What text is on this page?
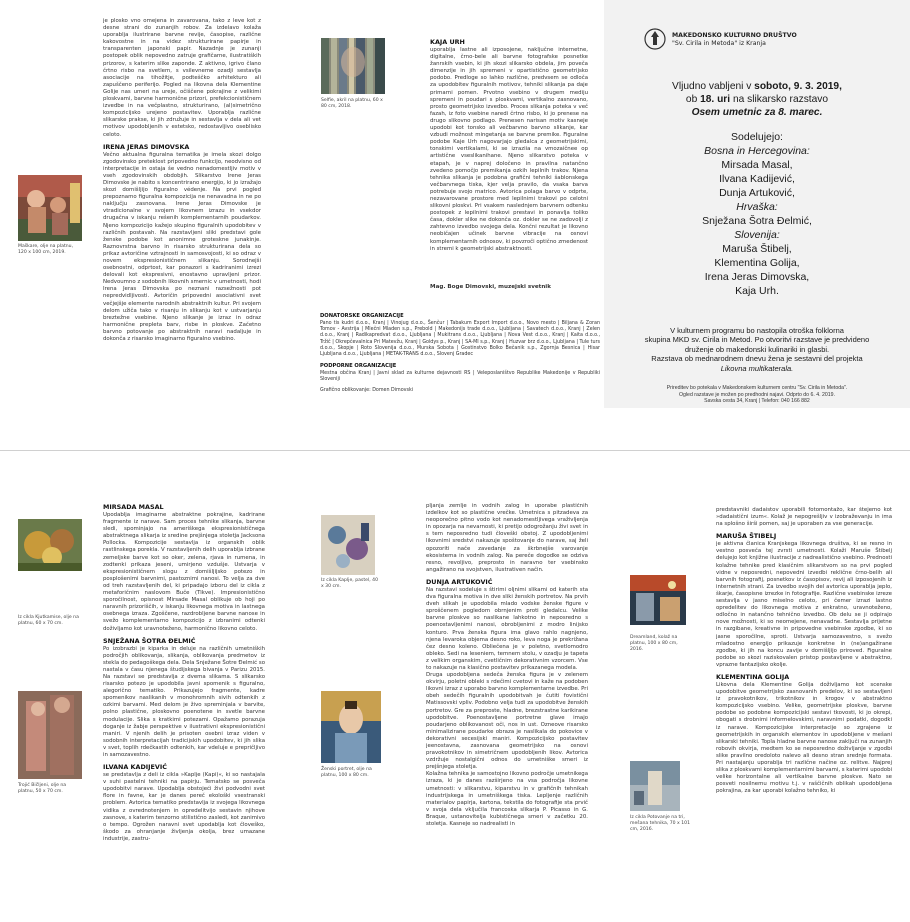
je plosko vno omejena in zavarovana, tako z leve kot z desne strani do zunanjih robov. Za izdelavo kolaža uporablja ilustrirane barvne revije, časopise, različne kakovostne in na videz strukturirane papirje in transparenten japonski papir. Nazadnje je zunanji postopek oblik nepovedno zatruje grafičarne, ilustratiških prizorov, s katerim slike zaponde. Z aktivno, igrivo člano črtno risbo na svetlem, s vsilevneme ozadji sestavlja asociacije na tihožitje, podteščko arhitekturo ali zapuščeno periferijo. Pogled na likovna dela Klementine Golije nas umeri na ureje, očiščene pokrajine z velikimi ploskvami, barvne harmonične prizori, prefekcionističnem izvedbe in na večplastno, strukturirano, (al)simetrično kompozicijsko urejeno postavitev. Uporablja različne slikarske prakse, ki jih združuje in sestavlja v dela ali vet motivov upodobljenih v estetsko, redostavljivo oseblisko celoto.

IRENA JERAS DIMOVSKA

Večno aktualna figuralna tematika je imela skozi dolgo zgodovinsko preteklost pripovedno funkcijo, neodvisno od interpretacije in ostaja še vedno nenadomestljiv motiv v vseh zgodovinskih obdobjih. Slikarstvo Irene Jeras Dimovske je nabito s koncentrirano energijo, ki jo izražajo skozi domišljijo figuralno védenje. Na prvi pogled prepoznamo figuralna kompozicija ne nenavadna in ne po naključju zasnovana. Irene Jeras Dimovske je vtradicionalne v svojem likovnem izrazu in vsekdor drugačna v iskanju rešenih komplementarnih poudarkov. Njeno kompozicijo kažejo skupino figuralnih upodobitev v različnih postavah. Na razstavljeni sliki predstavi gole ženske podobe kot anonimne groteskne junakinje. Raznovrstna barvno in risarsko strukturirana dela so prikaz avtoričine vztrajnosti in samosvojosti, ki so odraz v novem ekspresionističnem slikanju. Sorodnejši osebnostni, odprtost, kar ponazori s kadriranimi izrezi delovali kot ekspresivni, enostavno upravljeni prizor. Nedvoumno z sodobnih likovnih smernic v umetnosti, hodi Irena Jeras Dimovska po neznani razsežnosti pot nepredvidljivosti. Avtoričin pripovedni asociativni svet večjejšje elemente narodnih abstraktnih kultur. Pri svojem delom užiča tako v risanju in slikanju kot v ustvarjanju breztežne vsebine. Njeno slikanje je izraz in odraz harmonične prepleta barv, risbe in ploskve. Začetno barvno potovanje po abstraktnih naravi nadaljuje in dokonča z risarsko imaginarno figuralno vsebino.

Maškare, olje na platnu, 120 x 100 cm, 2019.
Selfie, akril na platnu, 60 x 80 cm, 2018.
KAJA URH

uporablja lastne ali izposojene, naključne internetne, digitalne, črno-bele ali barvne fotografske posnetke žanrskih vsebin, ki jih skozi slikarsko obdela, jim poveča dimenzije in jih spremeni v opartistično geometrijsko podobo. Predloge so lahko različne, predvsem se odloča za upodobitev figuralnih motivov, tehniki slikanja pa daje primarni pomen. Prvotno vsebino v drugem mediju spremeni in poudari s ploskvami, vertikalno zasnovano, prosto geometrijsko izvedbo. Proces slikanja poteka v več fazah, iz foto vsebine naredi črtno risbo, ki jo prenese na drugo slikovno podlago. Prenesen narisan motiv kasneje upodobi kot tonsko ali večbarvno barvno slikanje, kar vzbudi možnost mingetanja se barvne premike. Figuralne podobe Kaje Urh nagovarjajo gledalca z geometrijskimi, tonskimi vertikalami, ki se izraziia na vmozaičnee op artistične vseslikanihane. Njeno slikarstvo poteka v etapah, je v naprej določeno in pravilna natančno zvedeno pomočjo premikanja ozkih lepilnih trakov. Njena tehnika slikanja je podobna grafični tehniki šablonskega večbarvnega tiska, kjer velja pravilo, da vsaka barva potrebuje svojo matrico. Avtorica polaga barvo v odprte, nezavarovane prostore med lepilnimi trakovi po celotni slikovni ploskvi. Pri vsakem naslednjem barvnem odtenku postopek z lepilnimi trakovi prestavi in ponavlja toliko časa, dokler slike ne dokonča oz. dokler se ne zadovolji z zahtevno izvedbo svojega dela. Končni rezultat je likovno neobičajen učinek barvne vibracije na osnovi komplementarnih odnosov, ki povzroči optično zmedenost in stremi k geometrijski abstraktnosti.

Mag. Boge Dimovski, muzejski svetnik
DONATORSKE ORGANIZACIJE

Pano tis kudri d.o.o., Kranj | Vinojug d.o.o., Šenčur | Tabakum Export Import d.o.o., Novo mesto | Biljana & Zoran Tomov - Avstrija | Mlečni Mladen s.p., Prebold | Makedonijs trade d.o.o., Ljubljana | Savatech d.o.o., Kranj | Zelen d.o.o., Kranj | Radikapredvat d.o.o., Ljubljana | Mukitrans d.o.o., Ljubljana | Nova Vest d.o.o., Kranj | Kaita d.o.o., Tržič | Okrepčevalnica Pri Matevžu, Kranj | Goldys p., Kranj | SA-MI s.p., Kranj | Huzvar brz d.o.o., Ljubljana | Tule turs d.o.o., Skopje | Roto Slovenija d.o.o., Murska Sobota | Gostinstvo Bolko Bečanik s.p., Zgornja Besnica | Hisar Ljubljana d.o.o., Ljubljana | METAK-TRANS d.o.o., Slovenj Gradec

PODPORNE ORGANIZACIJE

Mestna občina Kranj | Javni sklad za kulturne dejavnosti RS | Veleposlaništvo Republike Makedonije v Republiki Sloveniji

Grafično oblikovanje: Domen Dimovski

MAKEDONSKO KULTURNO DRUŠTVO
"Sv. Cirila in Metoda" iz Kranja
Vljudno vabljeni v soboto, 9. 3. 2019,
ob 18. uri na slikarsko razstavo
Osem umetnic za 8. marec.
Sodelujejo:
Bosna in Hercegovina:
Mirsada Masal,
Ilvana Kadijević,
Dunja Artuković,
Hrvaška:
Snježana Šotra Đelmić,
Slovenija:
Maruša Štibelj,
Klementina Golija,
Irena Jeras Dimovska,
Kaja Urh.
V kulturnem programu bo nastopila otroška folklorna
skupina MKD sv. Cirila in Metod. Po otvoritvi razstave je predvideno
druženje ob makedonski kulinariki in glasbi.
Razstava ob mednarodnem dnevu žena je sestavni del projekta
Likovna multikaterala.
Prireditev bo potekala v Makedonskem kulturnem centru "Sv. Cirila in Metoda".
Ogled razstave je možen po predhodni najavi. Odprto do 6. 4. 2019.
Savska cesta 34, Kranj | Telefon: 040 166 882
Iz cikla Kjutkamise, olje na platnu, 60 x 70 cm.
Trojić Bičljeni, olje na platnu, 50 x 70 cm.
MIRSADA MASAL

Upodablja imaginarne abstraktne pokrajine, kadrirane fragmente iz narave. Sam proces tehnike slikanja, barvne sledi, spominjajo na ameriškega ekspresionističnega abstraktnega slikarja iz sredine prejšnjega stoletja Jacksona Pollocka. Kompozicije sestavlja iz organskih oblik rastlinskega porekla. V razstavljenih delih uporablja izbrane zemeljske barve kot so oker, zelena, rjava in rumena, in zodtenki prikaza jeseni, umirjeno vzdušje. Ustvarja v ekspresionističnem slogu z domišljijsko potezo in posplošenimi barvnimi, pastoznimi nanosi. To velja za dve od treh razstavljenih del, ki pripadajo izboru del iz cikla z metaforičnim naslovom Buče (Tikve). Impresionistično sporočilnost, opisnost Mirsade Masal oblikuje ob hoji po naravnih prizoriščih, v iskanju likovnega motiva in lastnega osebnega izraza. Zgoščene, razdrobljene barvne nanose in svežo komplementarno kompozicijo z izbranimi odtenki doživljamo kot uravnoteženo, harmonično likovno celoto.

SNJEŽANA ŠOTRA ĐELMIĆ

Po izobrazbi je kiparka in deluje na različnih umetniških področjih oblikovanja, slikanja, oblikovanja predmetov iz stekla do pedagoškega dela. Dela Snježane Šotre Đelmić so nastala v času njenega študijskega bivanja v Parizu 2015. Na razstavi se predstavlja z dvema slikama. S slikarsko risarsko potezo je upodobila javni spomenik s figuralno, alegorično tematiko. Prikazujejo fragmente, kadre spomenikov naslikanih v monohromnih sivih odtenkih z ozkimi barvami. Med delom je živo spreminjala v barvite, polno plastične, ploskovno poenotene in svetle barvne modulacije. Slika s kratkimi potezami. Opažamo porazuja doganje iz žabje perspektive v ilustrativni ekspresionistični maniri. V njenih delih je prisoten osebni izraz viden v sodobnih interpretacijah tradicijskih upodobitev, ki jih slika v svet, toplih rdečkastih odtenkih, kar vdeluje e prepričljivo in samozavestno.

ILVANA KADIJEVIĆ

se predstavlja z deli iz cikla »Kaplje (Kapi)«, ki so nastajala v suhi pastelni tehniki na papirju. Tematsko se posveča upodobitvi narave. Upodablja obstojeći živi podvodni svet flore in favne, kar je danes pereč ekološki vsestranski problem. Avtorica tematiko predstavlja iz svojega likovnega vidika z ovrednotenjem in opredelitvijo sestavin njihove zasnove, s katerim tenzorno stilistično zasledi, kot zanimivo o tempo. Ogrožen naravni svet upodablja kot človeško, škodo za ohranjanje življenja okolja, brez umazane industrije, zastru-

Iz cikla Kaplje, pastel, 40 x 30 cm.
Ženski portret, olje na platnu, 100 x 80 cm.

pljanja zemlje in vodnih zalog in uporabe plastičnih izdelkov kot so plastične vrečke. Umetnica s pitzadeva za neoporečno pitno vodo kot nenadomestljivega vraživljenja in opozarja na nevarnosti, ki pretijo odogrožanju živi svet in s tem neposredno tudi človeški obstoj. Z upodobljenimi likovnimi sredstvi nakazuje spoštovanje do narave, saj želi opozoriti nače zavedanje za škrbnejše varovanje ekosistema in vodnih zalog. Na pereče dogodke se odziva resno, revoljivo, preprosto in naravno ter vsebinsko angažirano na svojstven, ilustrativen način.

DUNJA ARTUKOVIĆ

Na razstavi sodeluje s štirimi oljnimi slikami od katerih sta dva figuralna motiva in dve sliki ženskih portretov. Na prvih dveh slikah je upodobila mlado vodske ženske figure v sproščenem pogledom obrnjenim proti gledalcu. Velike barvne ploskve so naslikane lahkotno in neposredno s poenostavljenimi nanosi, obrobljenimi z modro linijsko konturo. Prva ženska figura ima glavo rahlo nagnjeno, njena levaroka objema desno roko, leva noga je prekrižana čez desno koleno. Obliečena je v poletno, svetlomodro obleko. Sedi na leseniem, temnem stolu, v ozadju je tapeta z velikim organskim, cvetličnim dekorativnim vzorcem. Vse to nakazuje na klasično postavitev prikazanega modela.
Druga upodobljena sedeča ženska figura je v zelenem okvirju, poletni obleki s rdečimi cvetovi in kaže na podoben likovni izraz z uporabo barvno komplementarne izvedbe. Pri obeh sedečih figuralnih upodobitvah je čutiti fovistični Matissovski vpliv. Podobno velja tudi za upodobitve ženskih portretov. Gre za preproste, hladne, brezstrastne karikirane upodobitve. Poenostavljene portretne glave imajo poudarjeno oblikovanost oči, nos in ust. Ozneove risarsko minimalizirane poudarke obraza je naslikala do pokovice v dekorativni secesijski maniri. Kompozicijsko postavitev jeenostavna, zasnovana geometrijsko na osnovi pravokotnikov in simetričnem upodobljenih likov. Avtorica vzdržuje nostalgični odnos do umetniške smeri iz prejšnjega stoletja.
Kolažna tehnika je samostojno likovno področje umetnikega izraza, ki je danes razširjeno na vsa področja likovne umetnosti: v slikarstvu, kiparstvu in v grafičnih tehnikah industrijskega in umetniškega tiska. Lepljenje različnih materialov papirja, kartona, tekstila do fotografije sta prvič v svoja dela vključila francoska slikarja P. Picasso in G. Braque, ustanovitelja kubističnega smeri v začetku 20. stoletja. Kasneje so nadrealisti in

Dreamland, kolaž na platnu, 100 x 80 cm, 2016.
Iz cikla Potovanje na tri, mešana tehnika, 70 x 101 cm, 2016.

predstavniki dadaistov uporabili fotomontažo, kar štejemo kot »dadaistični izum«. Kolaž je nepogrešljiv v izobraževanju in ima na splošno širši pomen, saj je uporaben za vse generacije.

MARUŠA ŠTIBELJ

je aktivna članica Kranjskega likovnega društva, ki se resno in vestno posveča tej zvrsti umetnosti. Kolaži Maruše Štibelj delujejo kot knjižne ilustracije z nadrealistično vsebino. Prednosti kolažne tehnike pred klasičnim slikarstvom so na prvi pogled vidne v neposredni, nepovedni izvedbi reklične črno-belih ali barvnih fotografij, posnetkov iz časopisov, revij ali izposojenih iz internetnih strani. Za izvedbo svojih del avtorica uporablja jeplo, škarje, časopisne izrezke in fotografije. Različne vsebinske izreze sestavlja v jasno miselno celoto, pri čemer izrazi lastno opredelitev do likovnega motiva z enkratno, uravnoteženo, odločno in natančno tehnično izvedbo. Ob delu se ji odpirajo nove možnosti, ki so neomejene, nenavadne. Sestavlja prijetne in razgibane, kreativne in pripovedne vsebinske zgodbe, ki so jasne sporočilne, sproti. Ustvarja samozavestno, s svežo mladostno energijo prikazuje konkretne in (ne)angažirane zgodbe, ki jih na koncu zavije v domišljijo priroved. Figuralne podobe so skozi raziskovalen pristop postavljene v abstraktno, vpraznе fantazijsko okolje.

KLEMENTINA GOLIJA

Likovna dela Klementine Golija doživljamo kot scenske upodobitve geometrijsko zasnovanih predelov, ki so sestavljeni iz pravokotnikov, trikotnikov in krogov v abstraktno kompozicijsko vsebino. Velike, geometrijske ploskve, barvne podobe so podobne kompozicijski sestavi tkovosti, ki jo okrepi, obogati s drobnimi informelovskimi, naravnimi podatki, dogodki iz narave. Kompozicijske interpretacije so zgrajene iz geometrijskih in organskih elementov in upodobljene v mešani slikarski tehniki. Topla hladne barvne nanose zaključi na zunanjih robovih okvirja, medtem ko se neposredno doživljanje v zgodbi slike pravilno oredoloto nalevo ali desno stran srednje formata. Pri nastajanju uporablja tri različne načine oz. relitve. Najprej slika z ploskvami komplementarnimi barvami, s katerimi upodobi velike horizontalne ali vertikalne barvne ploskve. Nato se posveti nosilnemu motivu t.j. v raščičnih oblikah upodobljena pokrajina, za kar uporabi kolažno tehniko, ki
